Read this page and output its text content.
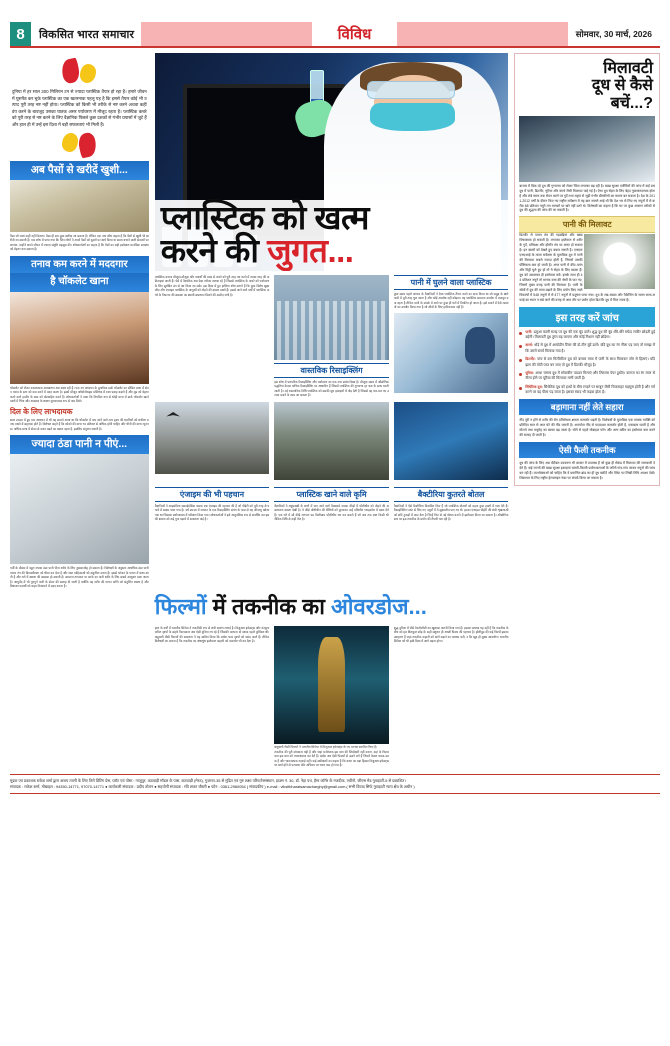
8	विकसित भारत समाचार	विविध	सोमवार, 30 मार्च, 2026
दुनिया में हर साल 300 मिलियन टन से ज्यादा प्लास्टिक तैयार हो रहा है। हमारे जीवन में घुसपैठ कर चुके प्लास्टिक का एक खतरनाक पहलू यह है कि इससे तैयार कोई भी उत्पाद पूरी तरह नष्ट नहीं होता। प्लास्टिक को किसी भी तरीके से नष्ट करने अथवा कहीं डंप करने के बावजूद उसका घातक असर पर्यावरण में मौजूद रहता है। प्लास्टिक कचरे को पूरी तरह से नष्ट करने के लिए वैज्ञानिक पिछले कुछ दशकों से गंभीर प्रयासों में जुटे हैं और हाल ही में उन्हें इस दिशा में बड़ी सफलताएं भी मिली हैं।
अब पैसों से खरीदें खुशी...
पैसा जो भला कहीं नहीं मिलता। वैसा ही सब कुछ खरीदा जा सकता है। लेकिन एक नया शोध कहता है कि पैसों से खुशी भी खरीदी जा सकती है। एक शोध में पाया गया कि जिन लोगों ने अपने पैसों को दूसरों पर खर्च किया या समय बचाने वाली सेवाओं पर लगाया, उन्होंने अपने जीवन में ज्यादा संतुष्टि महसूस की। शोधकर्ताओं का कहना है कि पैसों का सही इस्तेमाल मानसिक स्वास्थ्य को बेहतर बना सकता है।
तनाव कम करने में मददगार
है चॉकलेट खाना
चॉकलेट को लेकर नकारात्मक अवधारणा अब बदल रही है। एक नए अध्ययन के मुताबिक डार्क चॉकलेट का सीमित मात्रा में सेवन तनाव के स्तर को कम करने में मदद करता है। इसमें मौजूद फ्लेवोनॉयड्स मस्तिष्क में रक्त प्रवाह बढ़ाते हैं और मूड को बेहतर करने वाले हार्मोन के स्राव को प्रोत्साहित करते हैं। शोधकर्ताओं ने पाया कि नियमित रूप से थोड़ी मात्रा में डार्क चॉकलेट खाने वालों में चिंता और अवसाद के लक्षण तुलनात्मक रूप से कम मिले।
दिल के लिए लाभदायक
साल 2010 में हुए एक अध्ययन में भी यह सामने आया था कि चॉकलेट में पाए जाने वाले तत्व हृदय की धमनियों को लचीला बनाए रखने में सहायक होते हैं। विशेषज्ञ कहते हैं कि कोको की मात्रा 70 प्रतिशत से अधिक होनी चाहिए और चीनी की मात्रा न्यूनतम। अधिक मात्रा में सेवन से वजन बढ़ने का खतरा रहता है, इसलिए संतुलन जरूरी है।
ज्यादा ठंडा पानी न पीएं...
गर्मी के मौसम में बहुत ज्यादा ठंडा पानी पीना शरीर के लिए नुकसानदेह हो सकता है। विशेषज्ञों के अनुसार अत्यधिक ठंडा पानी पाचन तंत्र की क्रियाशीलता को धीमा कर देता है और रक्त वाहिकाओं को संकुचित करता है। इससे भोजन के पाचन में बाधा आती है और गले में खराश की समस्या हो सकती है। सामान्य तापमान या मटके का पानी शरीर के लिए सबसे उपयुक्त माना जाता है। आयुर्वेद में भी गुनगुने पानी के सेवन की सलाह दी जाती है क्योंकि यह शरीर की पाचन अग्नि को संतुलित रखता है और विषाक्त पदार्थों को बाहर निकालने में मदद करता है।
प्लास्टिक को खत्म
करने की जुगत...
प्लास्टिक बनाना मौजूदा-मौजूदा और पदार्थों की मदद से कचरे को पूरी तरह नष्ट करने में तमाम तरह की कठिनाइयां आती हैं। ऐसे में वैज्ञानिक अब ऐसा तरीका तलाश रहे हैं जिससे प्लास्टिक के कचरे को पर्यावरण के लिए सुरक्षित ढंग से नष्ट किया जा सके। इस दिशा में हुए हालिया शोध बताते हैं कि कुछ विशेष सूक्ष्मजीव और एंजाइम प्लास्टिक के अणुओं को तोड़ने की क्षमता रखते हैं। इससे आने वाले वर्षों में प्लास्टिक कचरे के निपटान की समस्या का स्थायी समाधान मिलने की उम्मीद जगी है।
वास्तविक रिसाइक्लिंग
इस शोध में पारंपरिक रिसाइक्लिंग और पर्यावरण का एक नया संबंध दिखा है। मौजूदा समय में औद्योगिक पद्धतियां केवल यांत्रिक रिसाइक्लिंग पर आधारित हैं जिसमें प्लास्टिक की गुणवत्ता हर चक्र के साथ घटती जाती है। नई रासायनिक विधि प्लास्टिक को उसकी मूल इकाइयों में तोड़ देती है जिससे वह बार-बार नए उत्पाद बनाने के काम आ सकता है।
पानी में घुलने वाला प्लास्टिक
कुछ समय पहले जापान के वैज्ञानिकों ने ऐसा प्लास्टिक तैयार करने का दावा किया था जो समुद्र के खारे पानी में पूरी तरह घुल जाता है और कोई अवशेष नहीं छोड़ता। यह प्लास्टिक सामान्य उपयोग में मजबूत बना रहता है लेकिन पानी के संपर्क में आने पर कुछ ही घंटों में विघटित हो जाता है। इसे बनाने में ऐसे रसायनों का उपयोग किया गया है जो जीवों के लिए हानिकारक नहीं हैं।
एंजाइम की भी पहचान
वैज्ञानिकों ने आइडोनेला सकाईएंसिस नामक एक एंजाइम की पहचान की है जो पीईटी को पूरी तरह से पचाने में सक्षम पाया गया है। वर्ष 2016 में जापान के एक रिसाइक्लिंग संयंत्र के पास से यह जीवाणु खोजा गया था जिसका प्रयोगशाला में परीक्षण किया गया। शोधकर्ताओं ने इसे आनुवंशिक रूप से संवर्धित कर इसकी क्षमता को कई गुना बढ़ाने में सफलता पाई है।
प्लास्टिक खाने वाले कृमि
वैज्ञानिकों ने मधुमक्खी के छत्तों में पाए जाने वाले वैक्सवर्म नामक कीड़ों में पॉलीथीन को तोड़ने की असाधारण क्षमता देखी है। ये कीड़े पॉलीथीन की थैलियों को कुतरकर उन्हें एथिलीन ग्लाइकोल में बदल देते हैं। एक घंटे में सौ कीड़े लगभग 92 मिलीग्राम पॉलीथीन नष्ट कर सकते हैं जो अब तक ज्ञात किसी भी जैविक विधि से कहीं तेज है।
बैक्टीरिया कुतरते बोतल
वैज्ञानिकों ने ऐसे बैक्टीरिया विकसित किए हैं जो प्लास्टिक बोतलों को महज कुछ हफ्तों में गला देते हैं। रिसाइक्लिंग प्लांट से लिए गए नमूनों में ये सूक्ष्मजीव पाए गए थे। इनका एंजाइम पीईटी की लंबी शृंखलाओं को छोटे टुकड़ों में काट देता है जिन्हें फिर से नई बोतल बनाने में इस्तेमाल किया जा सकता है। औद्योगिक स्तर पर इस तकनीक के प्रयोग की तैयारी चल रही है।
मिलावटी
दूध से कैसे
बचें...?
बाजार में बिक रहे दूध की गुणवत्ता को लेकर चिंता लगातार बढ़ रही है। खाद्य सुरक्षा एजेंसियों की जांच में कई बार दूध में पानी, डिटर्जेंट, यूरिया और स्टार्च जैसी मिलावट पाई गई है। ऐसा दूध सेहत के लिए बेहद नुकसानदायक होता है और लंबे समय तक सेवन करने पर गुर्दे तथा यकृत से जुड़ी गंभीर बीमारियों का कारण बन सकता है। देश के 2011-2012 वर्षों के दौरान किए गए राष्ट्रीय सर्वेक्षण में यह बात सामने आई थी कि देश भर से लिए गए नमूनों में से करीब 68 प्रतिशत नमूने तय मानकों पर खरे नहीं उतरे थे। विशेषज्ञों का कहना है कि घर पर कुछ आसान तरीकों से दूध की शुद्धता की जांच की जा सकती है।
पानी की मिलावट
डिटर्जेंट से पाचन तंत्र की गड़बड़ियां और खाद्य विषाक्तता हो सकती है। लगातार इस्तेमाल से शरीर के गुर्दे, प्रतिरक्षा और हॉर्मोन तंत्र पर असर हो सकता है। इन खतरों को देखते हुए बचाव जरूरी है। एफएसएसएआई के ताजा सर्वेक्षण के मुताबिक दूध में पानी की मिलावट सबसे ज्यादा होती है, जिससे उसकी पौष्टिकता कम हो जाती है। अगर पानी में कीट-पतंग और मिट्टी घुले हुए हों तो ये सेहत के लिए खतरा हैं। दूध को उबालकर ही इस्तेमाल करें। इसके साथ ही 44 प्रतिशत नमूने तो मानक वसा की श्रेणी के पार गए, जिसमें मुख्य वजह पानी की मिलावट है। पानी के स्रोतों में दूध की मात्रा बढ़ाने के लिए प्रयोग किए जाते विकल्पों में 548 नमूनों में से 477 नमूनों में प्रदूषण पाया गया। दूध के रख-रखाव और पैकेजिंग के समय साफ-सफाई का ध्यान न रखे जाने की वजह से आम तौर पर प्रयोग होता डिटर्जेंट दूध में मिल जाता है।
इस तरह करें जांच
पानी: ढलुआ काली सतह पर दूध की एक बूंद डालें। शुद्ध दूध की बूंद धीरे-धीरे सफेद लकीर छोड़ती हुई बहेगी। मिलावटी दूध तुरंत बह जाएगा और कोई निशान नहीं छोड़ेगा।
स्टार्च: थोड़े से दूध में आयोडीन टिंचर की दो-तीन बूंदें डालें। यदि दूध का रंग नीला पड़ जाए तो समझ लें कि उसमें स्टार्च मिलाया गया है।
डिटर्जेंट: पांच से दस मिलीलीटर दूध को बराबर मात्रा में पानी के साथ मिलाकर जोर से हिलाएं। यदि झाग की मोटी परत बन जाए तो दूध में डिटर्जेंट मौजूद है।
यूरिया: आधा चम्मच दूध में सोयाबीन पाउडर मिलाएं और लिटमस पेपर डुबोएं। कागज का रंग लाल से नीला होने पर यूरिया की मिलावट मानी जाती है।
सिंथेटिक दूध: सिंथेटिक दूध को हाथों के बीच रगड़ने पर साबुन जैसी चिकनाहट महसूस होती है और गर्म करने पर वह पीला पड़ जाता है। इसका स्वाद भी कड़वा होता है।
बड़ागाना नहीं लेते सहारा
नींद पूरी न होने से शरीर की रोग प्रतिरोधक क्षमता कमजोर पड़ती है। विशेषज्ञों के मुताबिक एक वयस्क व्यक्ति को प्रतिदिन सात से आठ घंटे की नींद जरूरी है। अपर्याप्त नींद से याददाश्त कमजोर होती है, एकाग्रता घटती है और मोटापे तथा मधुमेह का खतरा बढ़ जाता है। सोने से पहले मोबाइल फोन और अन्य स्क्रीन का इस्तेमाल कम करने की सलाह दी जाती है।
ऐसी फैली तकनीक
दूध की जांच के लिए अब पोर्टेबल उपकरण भी बाजार में उपलब्ध हैं जो कुछ ही सेकंड में मिलावट की जानकारी दे देते हैं। कई राज्यों की खाद्य सुरक्षा इकाइयां चलती-फिरती प्रयोगशालाओं के जरिये गांव-गांव जाकर नमूनों की जांच कर रही हैं। उपभोक्ताओं को चाहिए कि वे प्रमाणित ब्रांड का ही दूध खरीदें और पैकेट पर लिखी तिथि अवश्य देखें। शिकायत के लिए राष्ट्रीय हेल्पलाइन नंबर पर संपर्क किया जा सकता है।
फिल्मों में तकनीक का ओवरडोज...
हाल के वर्षों में भारतीय सिनेमा ने तकनीकी रूप से लंबी छलांग लगाई है। विजुअल इफेक्ट्स और कंप्यूटर जनित दृश्यों के सहारे फिल्मकार अब ऐसी दुनिया रच रहे हैं जिसकी कल्पना दो दशक पहले मुश्किल थी। बाहुबली जैसी फिल्मों की सफलता ने यह साबित किया कि दर्शक भव्य दृश्यों को पसंद करते हैं। लेकिन विशेषज्ञों का मानना है कि तकनीक का अंधाधुंध इस्तेमाल कहानी को कमजोर भी कर देता है।
बाहुबली जैसी फिल्मों ने भारतीय सिनेमा में विजुअल इफेक्ट्स के नए मानक स्थापित किए हैं।
तकनीक की पूरी संभावना यही है और जहां मनोरंजक इस बात की जिम्मेदारी नहीं करता, वहां के फिल्मकार इस बात को नजरअंदाज कर देते हैं। दर्शक अब ऐसी फिल्मों से ऊबने लगे हैं जिनमें केवल चमक-दमक है और भावनात्मक गहराई नहीं। कई समीक्षकों का कहना है कि बजट का बड़ा हिस्सा विजुअल इफेक्ट्स पर खर्च होने से पटकथा और अभिनय पर ध्यान कम हो गया है।
शुद्ध दुनिया में जैसे टेक्नोलॉजी का खुलासा जरूरी किया गया है। इसका मतलब यह नहीं है कि तकनीक के बीच को हम बिलकुल छोड़ दें। सही संतुलन ही अच्छी फिल्म की पहचान है। हॉलीवुड की कई फिल्में इसका उदाहरण हैं जहां तकनीक कहानी को आगे बढ़ाने का माध्यम बनी, न कि खुद ही मुख्य आकर्षण। भारतीय सिनेमा को भी इसी दिशा में आगे बढ़ना होगा।
मुद्रक एवं प्रकाशक राकेश शर्मा द्वारा अजय त्यागी के लिए तिरो प्रिंटिंग प्रेस, प्लॉट एवं पोस्ट : गाजुपुर, कठवाड़ी मॉडल के पास, कठवाड़ी (मेरठ), गुजरात-35 से मुद्रित एवं गुरु लक्ष्य परिवर्तनसंस्थान, हाउस नं. 30, डॉ. नेहा पथ, हैमा कॉर्नर के नजदीक, एवीनो, जीएस मेड गुवाहाटी-5 से प्रकाशित।
संपादक : राकेश शर्मा, मोबाइल : 94350-14771, 97070-14771 ● कार्यकारी संपादक : प्रदीप तोलन ● सहयोगी संपादक : रवि शंकर चौधरी ● फोन : 0361-2960054 ( संपादकीय ) e-mail : viksitbharatsamacharghy@gmail.com.( सभी विवाद सिर्फ गुवाहाटी न्याय क्षेत्र के अधीन )
